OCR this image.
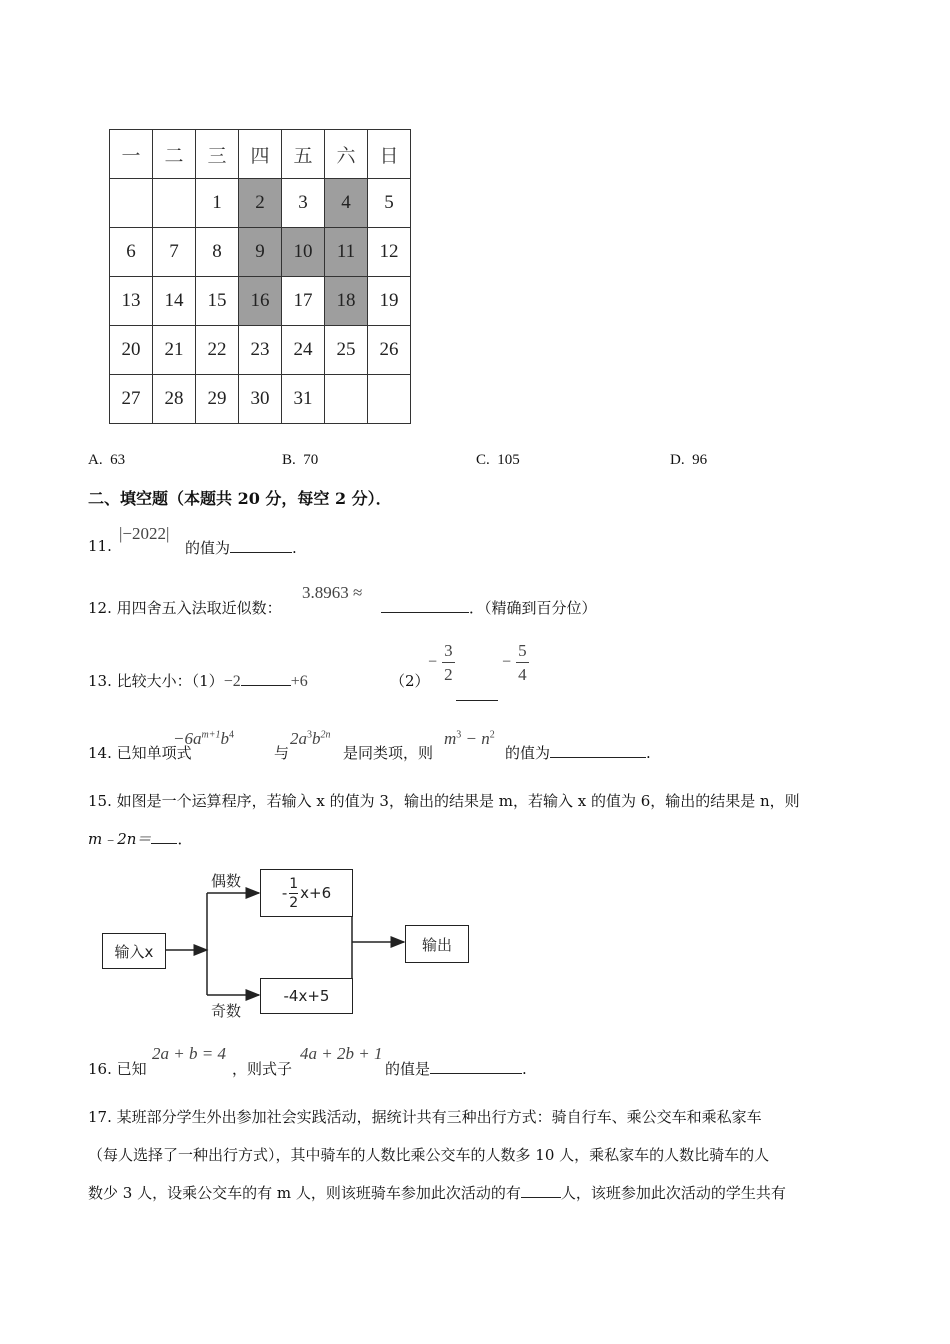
一	二	三	四	五	六	日
		1	2	3	4	5
6	7	8	9	10	11	12
13	14	15	16	17	18	19
20	21	22	23	24	25	26
27	28	29	30	31		
A. 63	B. 70	C. 105	D. 96
二、填空题（本题共 20 分，每空 2 分）．
11.
|−2022|
的值为	.
12. 用四舍五入法取近似数：
3.8963 ≈
．（精确到百分位）
13. 比较大小：（1）−2	+6	（2）
− $\frac{3}{2}$	− $\frac{5}{4}$
14. 已知单项式
$-6a^{m+1}b^4$
与
$2a^3b^{2n}$
是同类项，则
$m^3 - n^2$
的值为	.
15. 如图是一个运算程序，若输入 x 的值为 3，输出的结果是 m，若输入 x 的值为 6，输出的结果是 n，则
m﹣2n＝ ．
输入x
偶数
奇数
- $\frac{1}{2} x+6$
-4x+5
输出
16. 已知
2a + b = 4
，则式子
4a + 2b + 1
的值是	.
17. 某班部分学生外出参加社会实践活动，据统计共有三种出行方式：骑自行车、乘公交车和乘私家车
（每人选择了一种出行方式），其中骑车的人数比乘公交车的人数多 10 人，乘私家车的人数比骑车的人
数少 3 人，设乘公交车的有 m 人，则该班骑车参加此次活动的有	人，该班参加此次活动的学生共有
